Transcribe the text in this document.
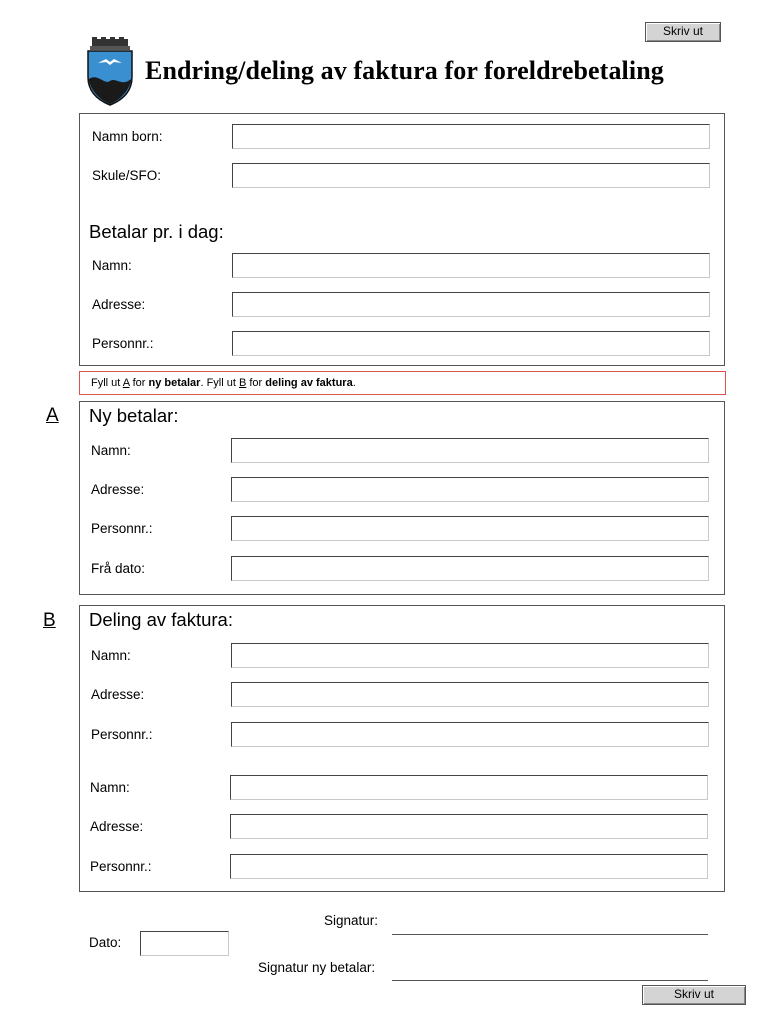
Skriv ut
Endring/deling av faktura for foreldrebetaling
Namn born:
Skule/SFO:
Betalar pr. i dag:
Namn:
Adresse:
Personnr.:
Fyll ut A for ny betalar. Fyll ut B for deling av faktura.
A Ny betalar:
Namn:
Adresse:
Personnr.:
Frå dato:
B Deling av faktura:
Namn:
Adresse:
Personnr.:
Namn:
Adresse:
Personnr.:
Signatur:
Dato:
Signatur ny betalar:
Skriv ut
